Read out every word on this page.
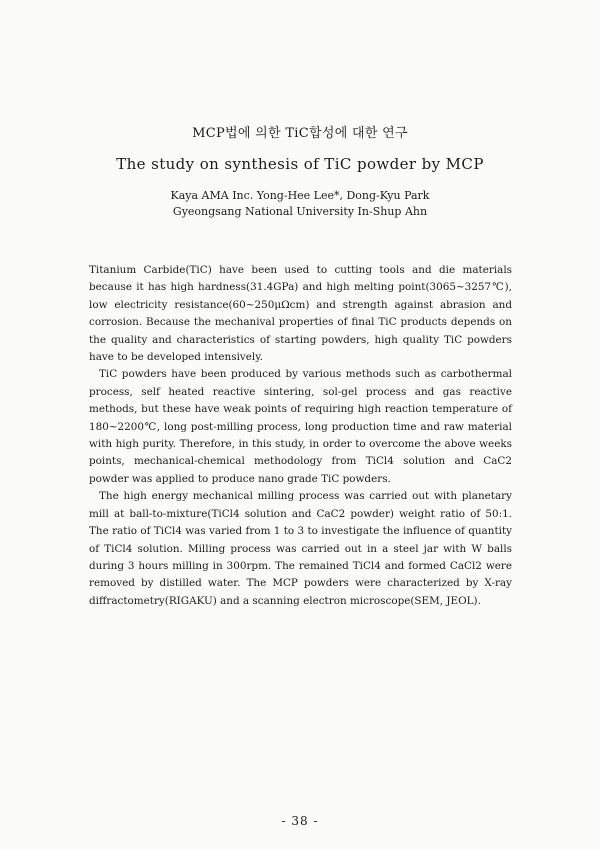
MCP법에 의한 TiC합성에 대한 연구
The study on synthesis of TiC powder by MCP
Kaya AMA Inc. Yong-Hee Lee*, Dong-Kyu Park
Gyeongsang National University In-Shup Ahn

Titanium Carbide(TiC) have been used to cutting tools and die materials because it has high hardness(31.4GPa) and high melting point(3065~3257℃), low electricity resistance(60~250μΩcm) and strength against abrasion and corrosion. Because the mechanival properties of final TiC products depends on the quality and characteristics of starting powders, high quality TiC powders have to be developed intensively.

TiC powders have been produced by various methods such as carbothermal process, self heated reactive sintering, sol-gel process and gas reactive methods, but these have weak points of requiring high reaction temperature of 180~2200℃, long post-milling process, long production time and raw material with high purity. Therefore, in this study, in order to overcome the above weeks points, mechanical-chemical methodology from TiCl4 solution and CaC2 powder was applied to produce nano grade TiC powders.

The high energy mechanical milling process was carried out with planetary mill at ball-to-mixture(TiCl4 solution and CaC2 powder) weight ratio of 50:1. The ratio of TiCl4 was varied from 1 to 3 to investigate the influence of quantity of TiCl4 solution. Milling process was carried out in a steel jar with W balls during 3 hours milling in 300rpm. The remained TiCl4 and formed CaCl2 were removed by distilled water. The MCP powders were characterized by X-ray diffractometry(RIGAKU) and a scanning electron microscope(SEM, JEOL).

- 38 -
